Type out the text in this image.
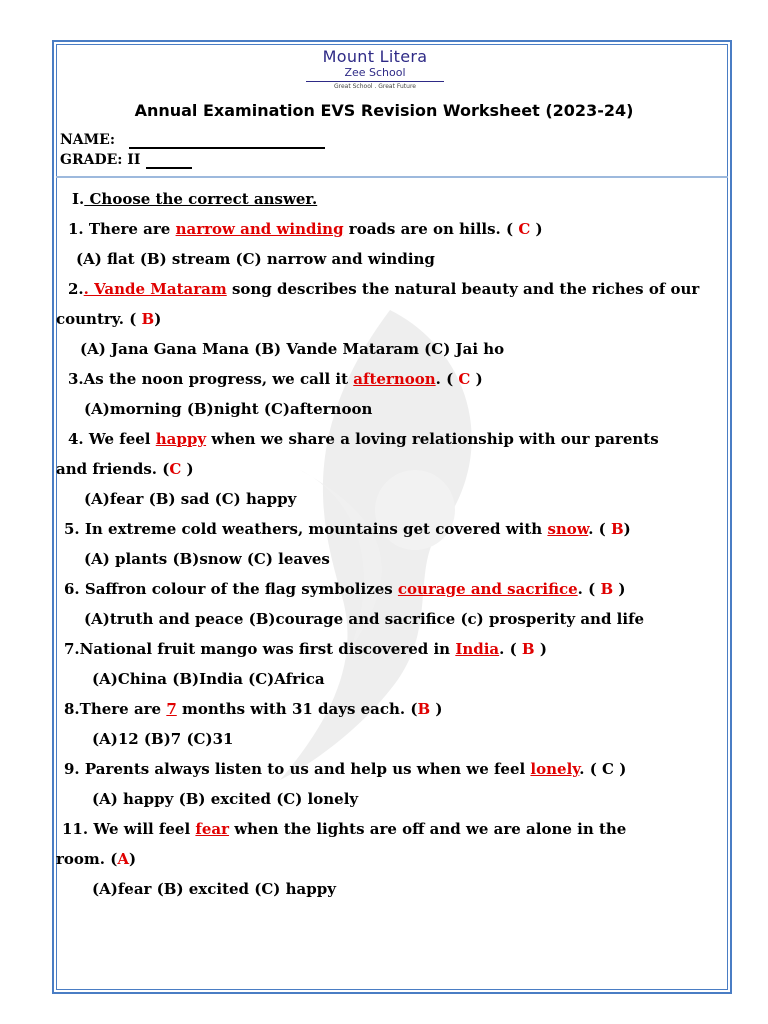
Mount Litera
Zee School
Great School . Great Future
Annual Examination EVS Revision Worksheet (2023-24)
NAME:
GRADE: II
I. Choose the correct answer.
1. There are narrow and winding roads are on hills. ( C )
(A) flat (B) stream (C) narrow and winding
2.. Vande Mataram song describes the natural beauty and the riches of our
country. ( B)
(A) Jana Gana Mana (B) Vande Mataram (C) Jai ho
3.As the noon progress, we call it afternoon. ( C )
(A)morning (B)night (C)afternoon
4. We feel happy when we share a loving relationship with our parents
and friends. (C )
(A)fear (B) sad (C) happy
5. In extreme cold weathers, mountains get covered with snow. ( B)
(A) plants (B)snow (C) leaves
6. Saffron colour of the flag symbolizes courage and sacrifice. ( B )
(A)truth and peace (B)courage and sacrifice (c) prosperity and life
7.National fruit mango was first discovered in India. ( B )
(A)China (B)India (C)Africa
8.There are 7 months with 31 days each. (B )
(A)12 (B)7 (C)31
9. Parents always listen to us and help us when we feel lonely. ( C )
(A) happy (B) excited (C) lonely
11. We will feel fear when the lights are off and we are alone in the
room. (A)
(A)fear (B) excited (C) happy
